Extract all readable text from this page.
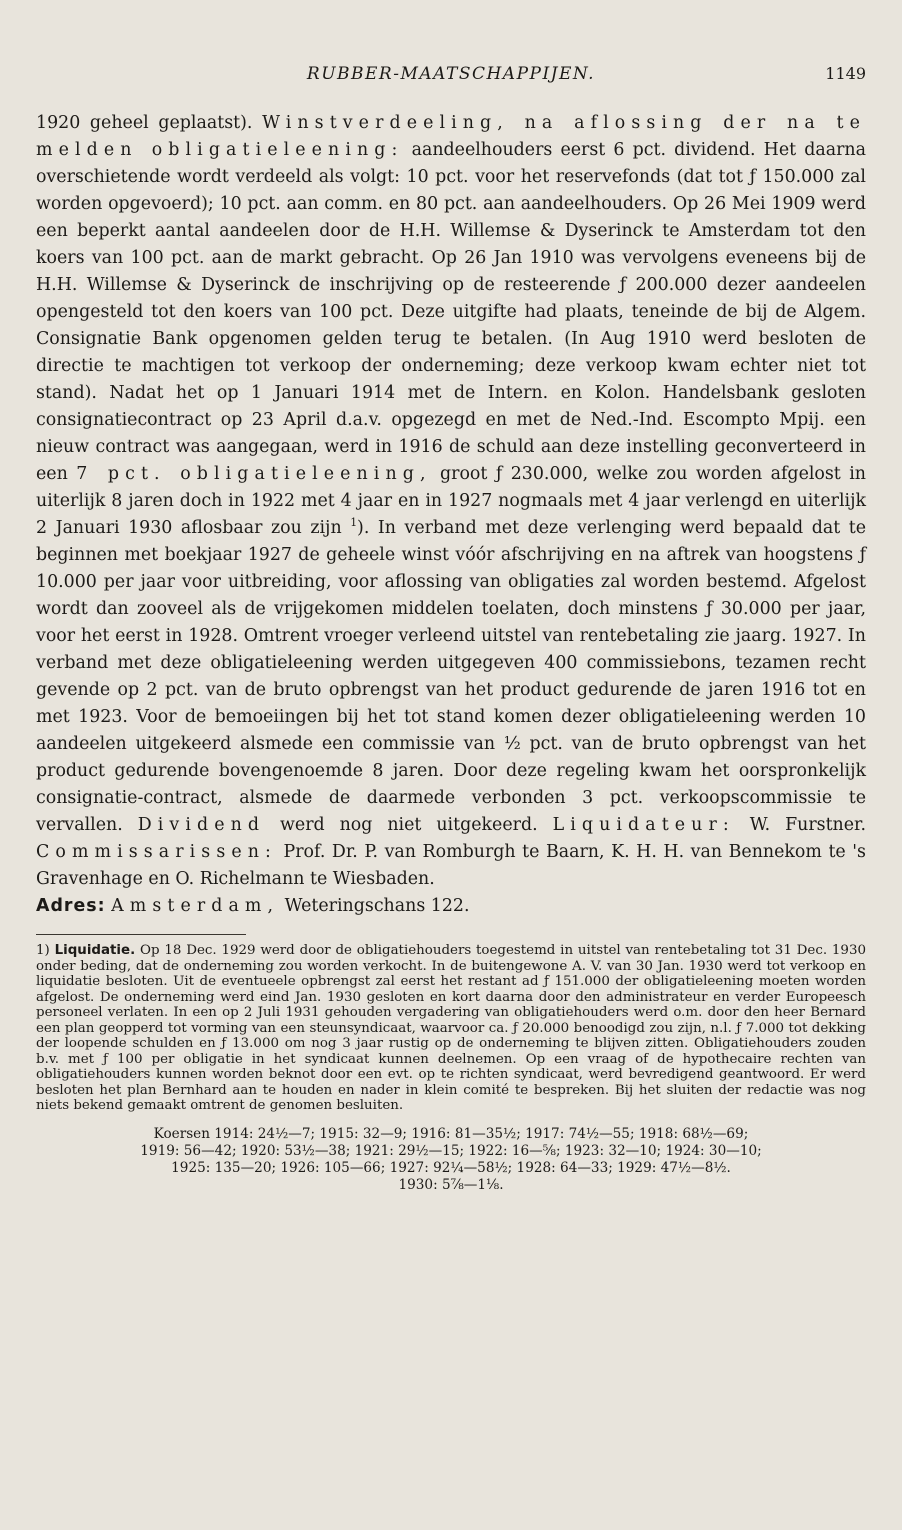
RUBBER-MAATSCHAPPIJEN.	1149

1920 geheel geplaatst). Winstverdeeling, na aflossing der na te melden obligatieleening: aandeelhouders eerst 6 pct. dividend. Het daarna overschietende wordt verdeeld als volgt: 10 pct. voor het reservefonds (dat tot ƒ 150.000 zal worden opgevoerd); 10 pct. aan comm. en 80 pct. aan aandeelhouders. Op 26 Mei 1909 werd een beperkt aantal aandeelen door de H.H. Willemse & Dyserinck te Amsterdam tot den koers van 100 pct. aan de markt gebracht. Op 26 Jan 1910 was vervolgens eveneens bij de H.H. Willemse & Dyserinck de inschrijving op de resteerende ƒ 200.000 dezer aandeelen opengesteld tot den koers van 100 pct. Deze uitgifte had plaats, teneinde de bij de Algem. Consignatie Bank opgenomen gelden terug te betalen. (In Aug 1910 werd besloten de directie te machtigen tot verkoop der onderneming; deze verkoop kwam echter niet tot stand). Nadat het op 1 Januari 1914 met de Intern. en Kolon. Handelsbank gesloten consignatiecontract op 23 April d.a.v. opgezegd en met de Ned.-Ind. Escompto Mpij. een nieuw contract was aangegaan, werd in 1916 de schuld aan deze instelling geconverteerd in een 7 pct. obligatieleening, groot ƒ 230.000, welke zou worden afgelost in uiterlijk 8 jaren doch in 1922 met 4 jaar en in 1927 nogmaals met 4 jaar verlengd en uiterlijk 2 Januari 1930 aflosbaar zou zijn $^1$). In verband met deze verlenging werd bepaald dat te beginnen met boekjaar 1927 de geheele winst vóór afschrijving en na aftrek van hoogstens ƒ 10.000 per jaar voor uitbreiding, voor aflossing van obligaties zal worden bestemd. Afgelost wordt dan zooveel als de vrijgekomen middelen toelaten, doch minstens ƒ 30.000 per jaar, voor het eerst in 1928. Omtrent vroeger verleend uitstel van rentebetaling zie jaarg. 1927. In verband met deze obligatieleening werden uitgegeven 400 commissiebons, tezamen recht gevende op 2 pct. van de bruto opbrengst van het product gedurende de jaren 1916 tot en met 1923. Voor de bemoeiingen bij het tot stand komen dezer obligatieleening werden 10 aandeelen uitgekeerd alsmede een commissie van ½ pct. van de bruto opbrengst van het product gedurende bovengenoemde 8 jaren. Door deze regeling kwam het oorspronkelijk consignatie-contract, alsmede de daarmede verbonden 3 pct. verkoopscommissie te vervallen. Dividend werd nog niet uitgekeerd. Liquidateur: W. Furstner. Commissarissen: Prof. Dr. P. van Romburgh te Baarn, K. H. H. van Bennekom te 's Gravenhage en O. Richelmann te Wiesbaden.

Adres: Amsterdam, Weteringschans 122.

1) Liquidatie. Op 18 Dec. 1929 werd door de obligatiehouders toegestemd in uitstel van rentebetaling tot 31 Dec. 1930 onder beding, dat de onderneming zou worden verkocht. In de buitengewone A. V. van 30 Jan. 1930 werd tot verkoop en liquidatie besloten. Uit de eventueele opbrengst zal eerst het restant ad ƒ 151.000 der obligatieleening moeten worden afgelost. De onderneming werd eind Jan. 1930 gesloten en kort daarna door den administrateur en verder Europeesch personeel verlaten. In een op 2 Juli 1931 gehouden vergadering van obligatiehouders werd o.m. door den heer Bernard een plan geopperd tot vorming van een steunsyndicaat, waarvoor ca. ƒ 20.000 benoodigd zou zijn, n.l. ƒ 7.000 tot dekking der loopende schulden en ƒ 13.000 om nog 3 jaar rustig op de onderneming te blijven zitten. Obligatiehouders zouden b.v. met ƒ 100 per obligatie in het syndicaat kunnen deelnemen. Op een vraag of de hypothecaire rechten van obligatiehouders kunnen worden beknot door een evt. op te richten syndicaat, werd bevredigend geantwoord. Er werd besloten het plan Bernhard aan te houden en nader in klein comité te bespreken. Bij het sluiten der redactie was nog niets bekend gemaakt omtrent de genomen besluiten.
Koersen 1914: 24½—7; 1915: 32—9; 1916: 81—35½; 1917: 74½—55; 1918: 68½—69;
1919: 56—42; 1920: 53½—38; 1921: 29½—15; 1922: 16—⅝; 1923: 32—10; 1924: 30—10;
1925: 135—20; 1926: 105—66; 1927: 92¼—58½; 1928: 64—33; 1929: 47½—8½.
1930: 5⅞—1⅛.
